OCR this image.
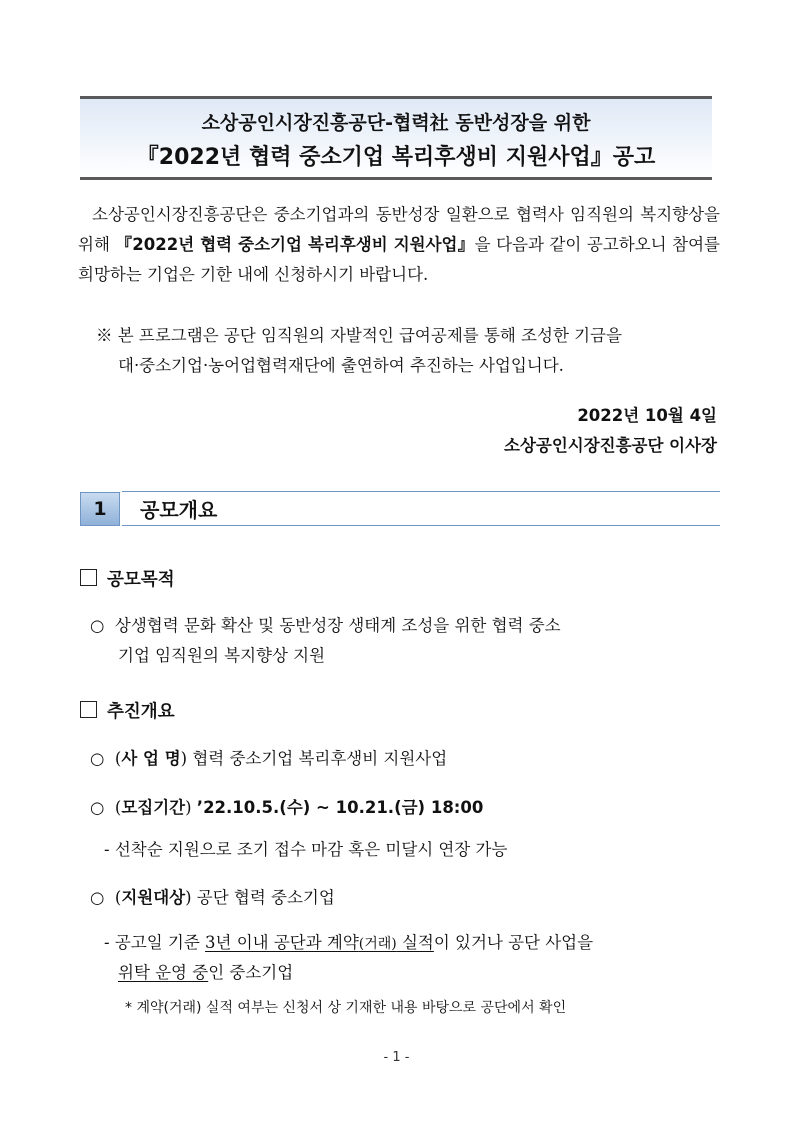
소상공인시장진흥공단-협력社 동반성장을 위한
『2022년 협력 중소기업 복리후생비 지원사업』공고
소상공인시장진흥공단은 중소기업과의 동반성장 일환으로 협력사 임직원의 복지향상을 위해 『2022년 협력 중소기업 복리후생비 지원사업』을 다음과 같이 공고하오니 참여를 희망하는 기업은 기한 내에 신청하시기 바랍니다.
※ 본 프로그램은 공단 임직원의 자발적인 급여공제를 통해 조성한 기금을
대·중소기업·농어업협력재단에 출연하여 추진하는 사업입니다.
2022년 10월 4일
소상공인시장진흥공단 이사장
1	공모개요
공모목적
○ 상생협력 문화 확산 및 동반성장 생태계 조성을 위한 협력 중소
기업 임직원의 복지향상 지원
추진개요
○  (사 업 명) 협력 중소기업 복리후생비 지원사업
○  (모집기간) ’22.10.5.(수) ~ 10.21.(금) 18:00
- 선착순 지원으로 조기 접수 마감 혹은 미달시 연장 가능
○  (지원대상) 공단 협력 중소기업
- 공고일 기준 3년 이내 공단과 계약(거래) 실적이 있거나 공단 사업을
위탁 운영 중인 중소기업
* 계약(거래) 실적 여부는 신청서 상 기재한 내용 바탕으로 공단에서 확인
- 1 -
